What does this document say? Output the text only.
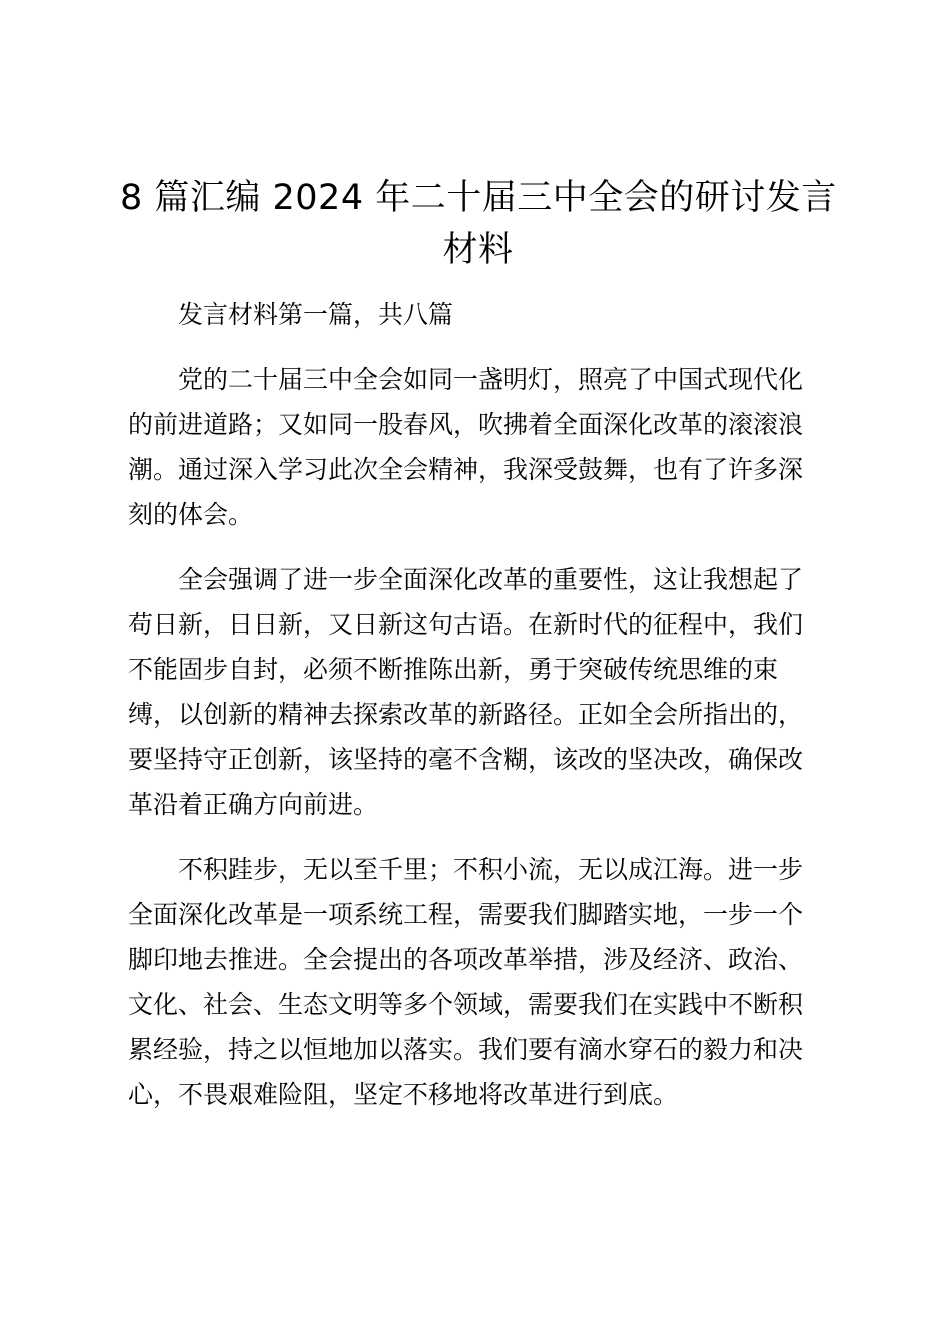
8 篇汇编 2024 年二十届三中全会的研讨发言
材料

发言材料第一篇，共八篇

党的二十届三中全会如同一盏明灯，照亮了中国式现代化
的前进道路；又如同一股春风，吹拂着全面深化改革的滚滚浪
潮。通过深入学习此次全会精神，我深受鼓舞，也有了许多深
刻的体会。

全会强调了进一步全面深化改革的重要性，这让我想起了
苟日新，日日新，又日新这句古语。在新时代的征程中，我们
不能固步自封，必须不断推陈出新，勇于突破传统思维的束
缚，以创新的精神去探索改革的新路径。正如全会所指出的，
要坚持守正创新，该坚持的毫不含糊，该改的坚决改，确保改
革沿着正确方向前进。

不积跬步，无以至千里；不积小流，无以成江海。进一步
全面深化改革是一项系统工程，需要我们脚踏实地，一步一个
脚印地去推进。全会提出的各项改革举措，涉及经济、政治、
文化、社会、生态文明等多个领域，需要我们在实践中不断积
累经验，持之以恒地加以落实。我们要有滴水穿石的毅力和决
心，不畏艰难险阻，坚定不移地将改革进行到底。
